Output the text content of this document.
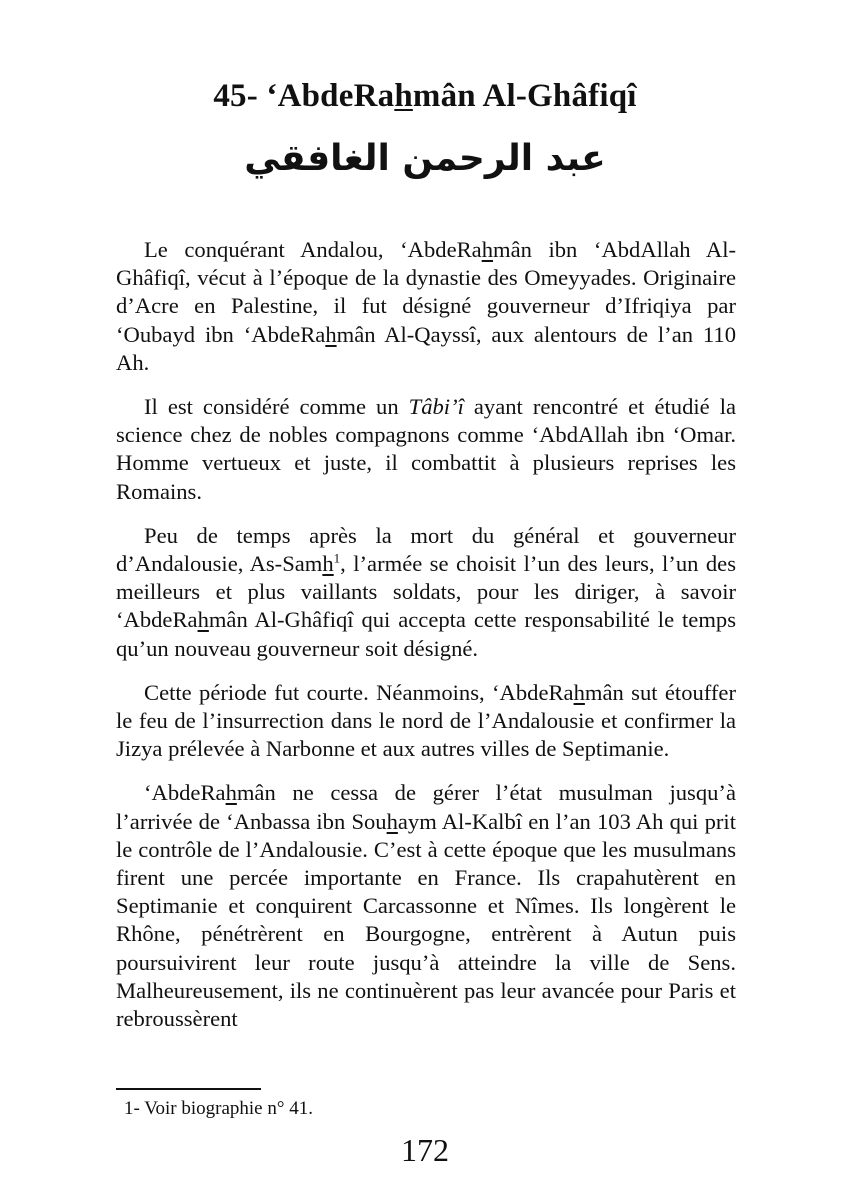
45- ‘AbdeRahmân Al-Ghâfiqî
عبد الرحمن الغافقي

Le conquérant Andalou, ‘AbdeRahmân ibn ‘AbdAllah Al-Ghâfiqî, vécut à l’époque de la dynastie des Omeyyades. Originaire d’Acre en Palestine, il fut désigné gouverneur d’Ifriqiya par ‘Oubayd ibn ‘AbdeRahmân Al-Qayssî, aux alentours de l’an 110 Ah.

Il est considéré comme un Tâbi’î ayant rencontré et étudié la science chez de nobles compagnons comme ‘AbdAllah ibn ‘Omar. Homme vertueux et juste, il combattit à plusieurs reprises les Romains.

Peu de temps après la mort du général et gouverneur d’Andalousie, As-Samh$^1$, l’armée se choisit l’un des leurs, l’un des meilleurs et plus vaillants soldats, pour les diriger, à savoir ‘AbdeRahmân Al-Ghâfiqî qui accepta cette responsabilité le temps qu’un nouveau gouverneur soit désigné.

Cette période fut courte. Néanmoins, ‘AbdeRahmân sut étouffer le feu de l’insurrection dans le nord de l’Andalousie et confirmer la Jizya prélevée à Narbonne et aux autres villes de Septimanie.

‘AbdeRahmân ne cessa de gérer l’état musulman jusqu’à l’arrivée de ‘Anbassa ibn Souhaym Al-Kalbî en l’an 103 Ah qui prit le contrôle de l’Andalousie. C’est à cette époque que les musulmans firent une percée importante en France. Ils crapahutèrent en Septimanie et conquirent Carcassonne et Nîmes. Ils longèrent le Rhône, pénétrèrent en Bourgogne, entrèrent à Autun puis poursuivirent leur route jusqu’à atteindre la ville de Sens. Malheureusement, ils ne continuèrent pas leur avancée pour Paris et rebroussèrent

1- Voir biographie n° 41.

172
